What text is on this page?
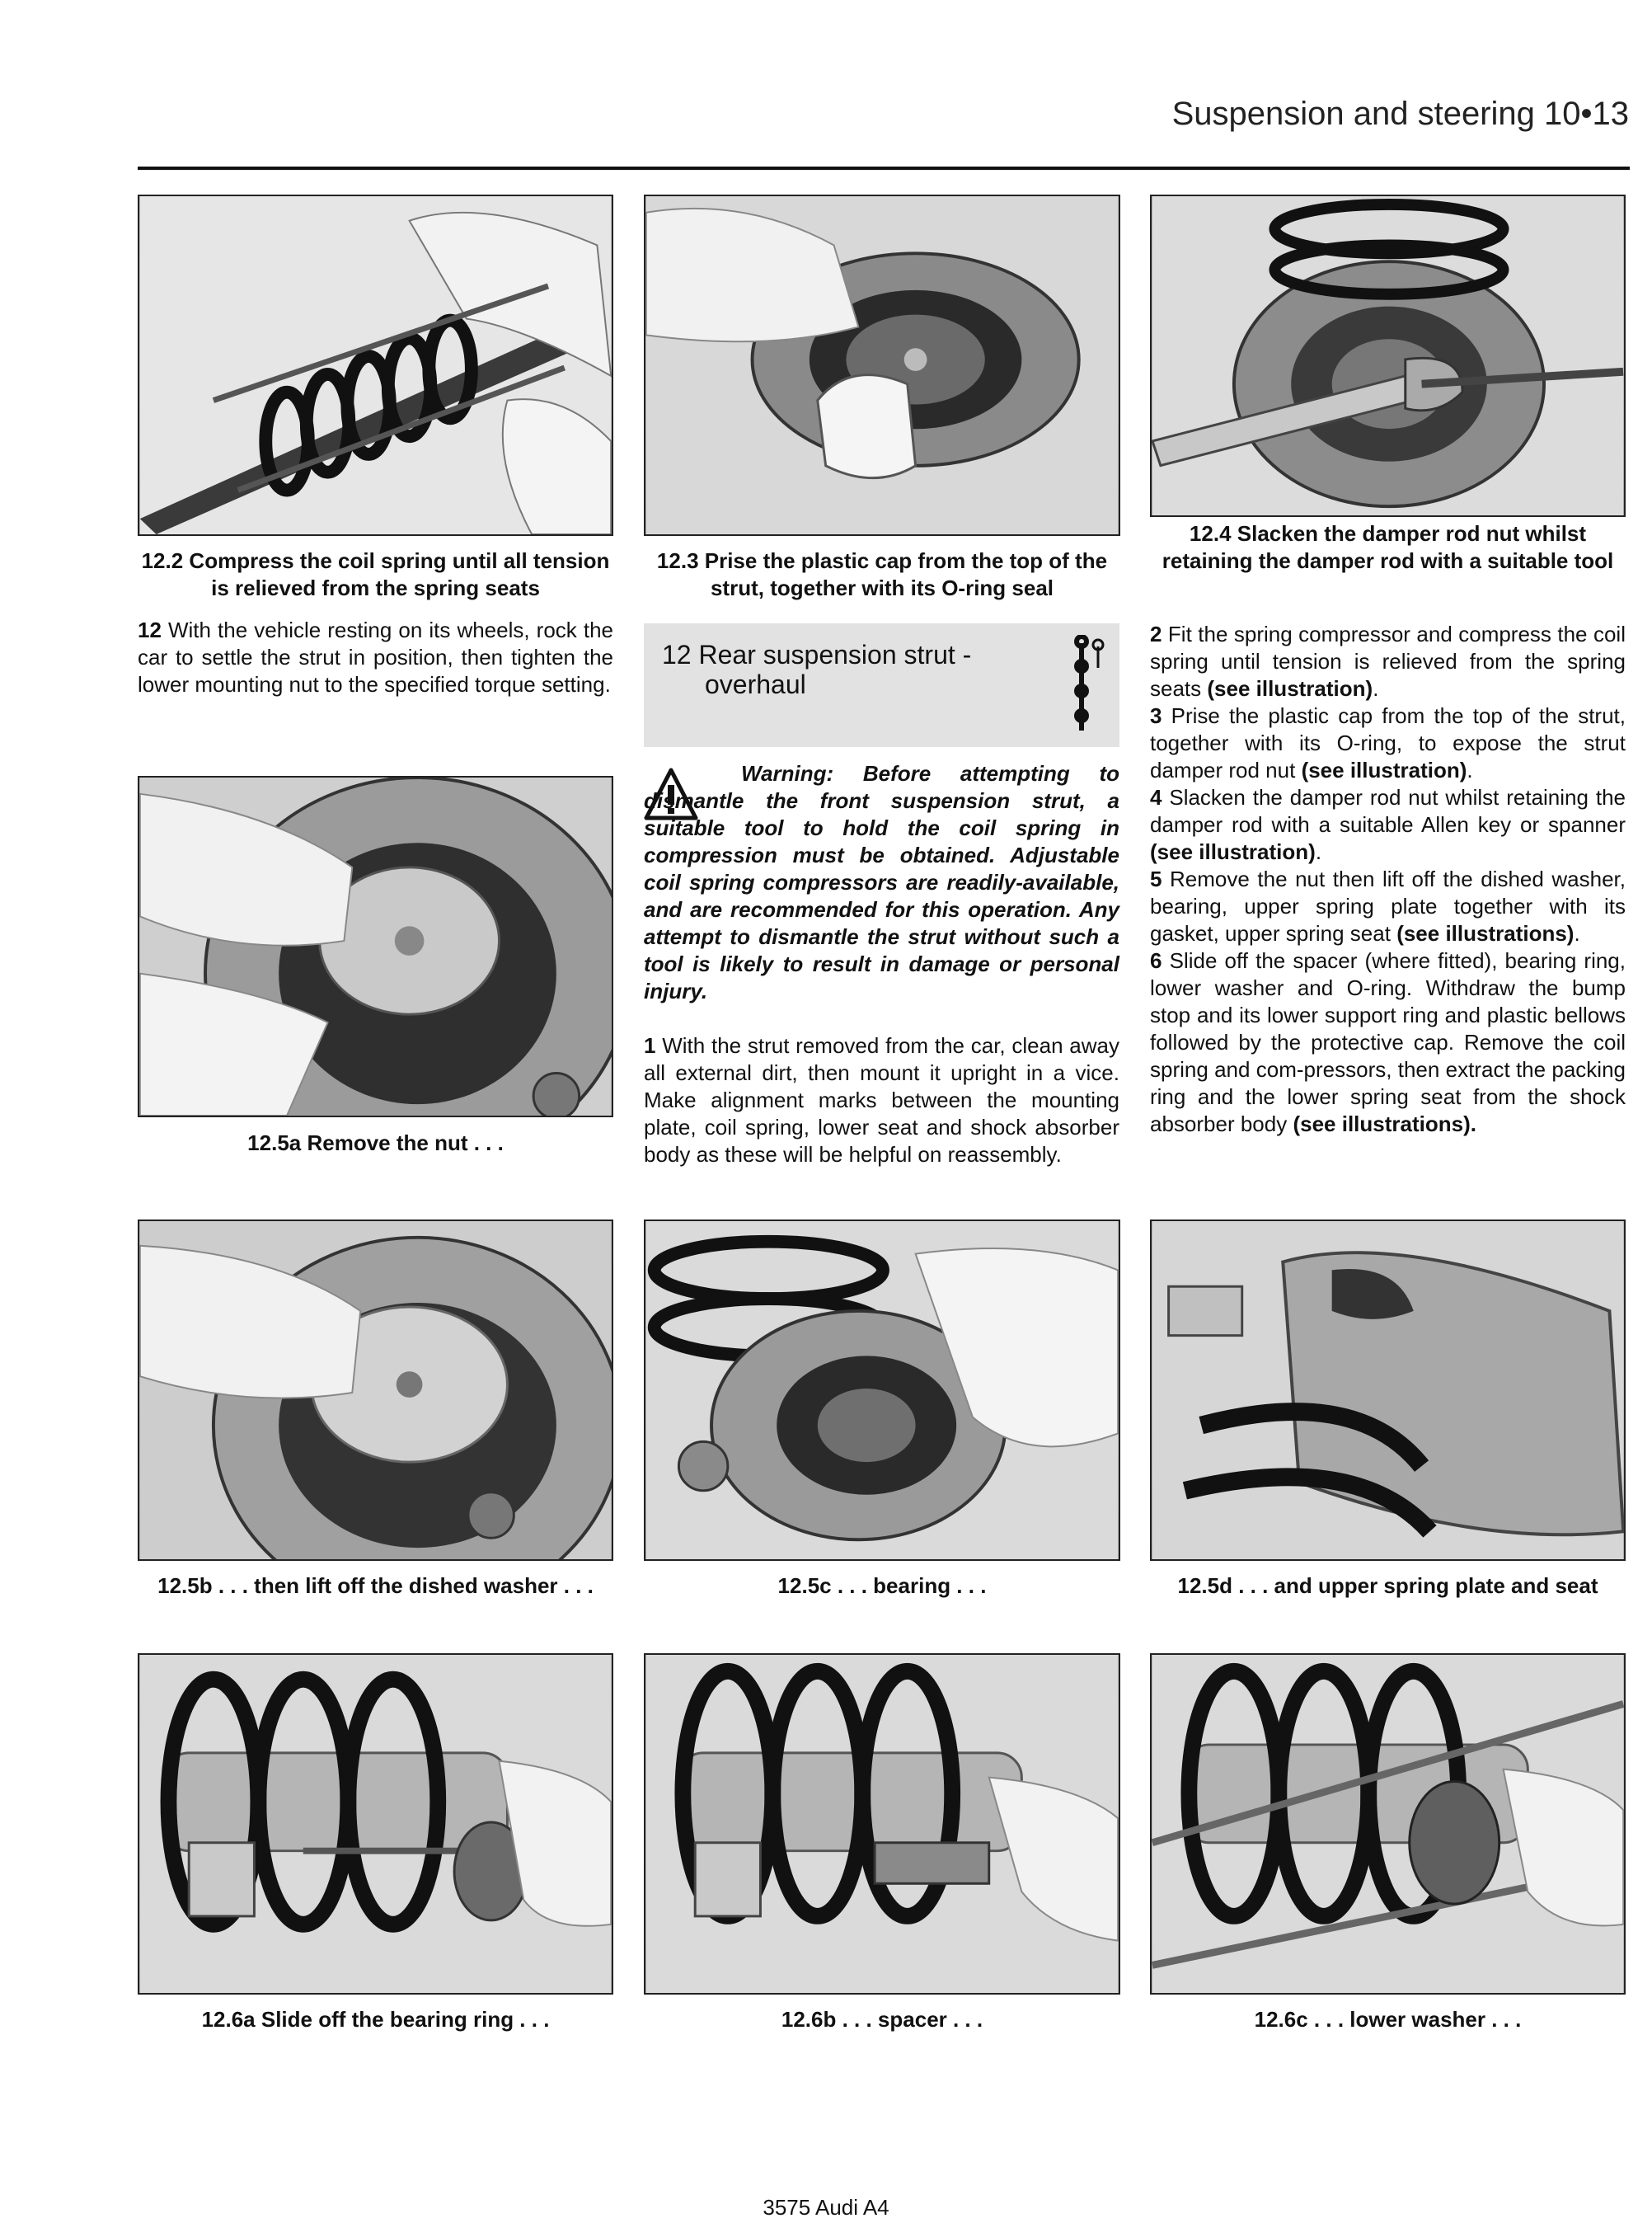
Suspension and steering 10•13
12.2 Compress the coil spring until all tension is relieved from the spring seats
12.3 Prise the plastic cap from the top of the strut, together with its O-ring seal
12.4 Slacken the damper rod nut whilst retaining the damper rod with a suitable tool

12 With the vehicle resting on its wheels, rock the car to settle the strut in position, then tighten the lower mounting nut to the specified torque setting.

12.5a Remove the nut . . .
12 Rear suspension strut -
overhaul
Warning: Before attempting to dismantle the front suspension strut, a suitable tool to hold the coil spring in compression must be obtained. Adjustable coil spring compressors are readily-available, and are recommended for this operation. Any attempt to dismantle the strut without such a tool is likely to result in damage or personal injury.

1 With the strut removed from the car, clean away all external dirt, then mount it upright in a vice. Make alignment marks between the mounting plate, coil spring, lower seat and shock absorber body as these will be helpful on reassembly.

2 Fit the spring compressor and compress the coil spring until tension is relieved from the spring seats (see illustration).

3 Prise the plastic cap from the top of the strut, together with its O-ring, to expose the strut damper rod nut (see illustration).

4 Slacken the damper rod nut whilst retaining the damper rod with a suitable Allen key or spanner (see illustration).

5 Remove the nut then lift off the dished washer, bearing, upper spring plate together with its gasket, upper spring seat (see illustrations).

6 Slide off the spacer (where fitted), bearing ring, lower washer and O-ring. Withdraw the bump stop and its lower support ring and plastic bellows followed by the protective cap. Remove the coil spring and com-pressors, then extract the packing ring and the lower spring seat from the shock absorber body (see illustrations).

12.5b . . . then lift off the dished washer . . .	12.5c . . . bearing . . .	12.5d . . . and upper spring plate and seat
12.6a Slide off the bearing ring . . .	12.6b . . . spacer . . .	12.6c . . . lower washer . . .
3575 Audi A4
